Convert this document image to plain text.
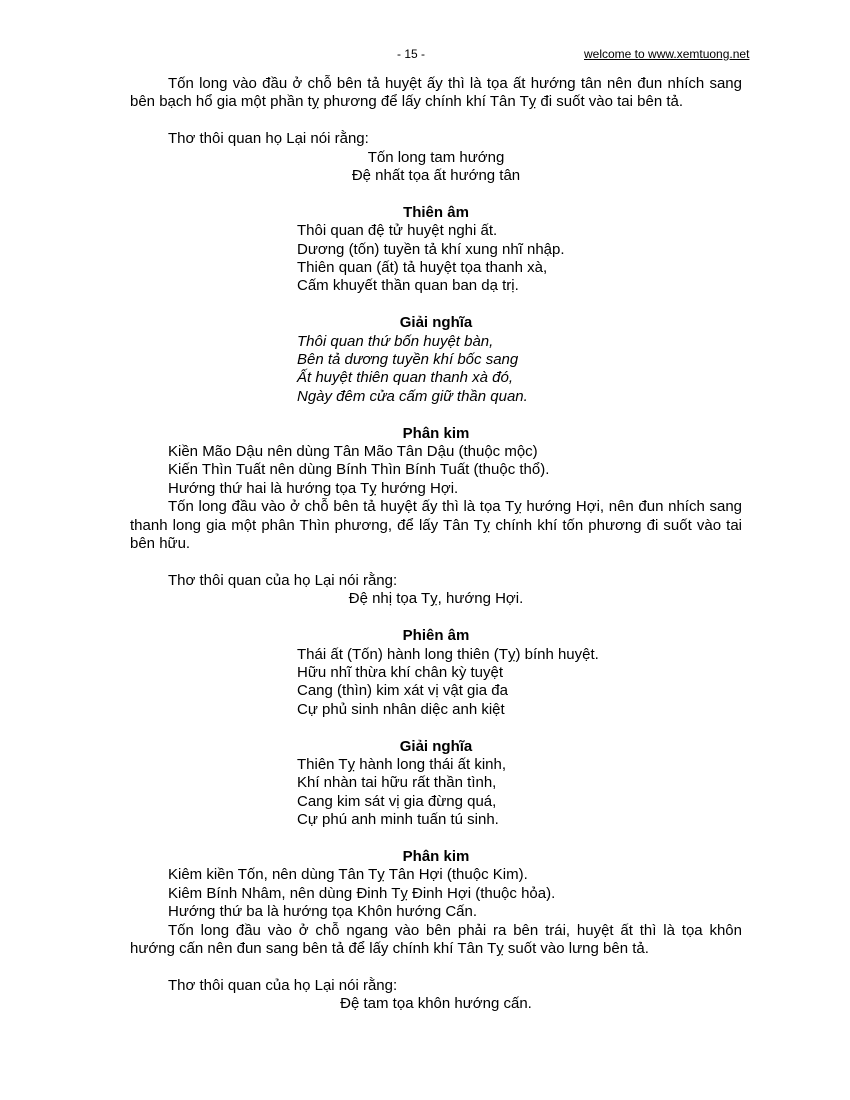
- 15 -	welcome to www.xemtuong.net

Tốn long vào đầu ở chỗ bên tả huyệt ấy thì là tọa ất hướng tân nên đun nhích sang bên bạch hổ gia một phần tỵ phương để lấy chính khí Tân Tỵ đi suốt vào tai bên tả.

Thơ thôi quan họ Lại nói rằng:

Tốn long tam hướng

Đệ nhất tọa ất hướng tân

Thiên âm

Thôi quan đệ tử huyệt nghi ất.

Dương (tốn) tuyền tả khí xung nhĩ nhập.

Thiên quan (ất) tả huyệt tọa thanh xà,

Cấm khuyết thần quan ban dạ trị.

Giải nghĩa

Thôi quan thứ bốn huyệt bàn,

Bên tả dương tuyền khí bốc sang

Ất huyệt thiên quan thanh xà đó,

Ngày đêm cửa cấm giữ thần quan.

Phân kim

Kiền Mão Dậu nên dùng Tân Mão Tân Dậu (thuộc mộc)

Kiến Thìn Tuất nên dùng Bính Thìn Bính Tuất (thuộc thổ).

Hướng thứ hai là hướng tọa Tỵ hướng Hợi.

Tốn long đầu vào ở chỗ bên tả huyệt ấy thì là tọa Tỵ hướng Hợi, nên đun nhích sang thanh long gia một phân Thìn phương, để lấy Tân Tỵ chính khí tốn phương đi suốt vào tai bên hữu.

Thơ thôi quan của họ Lại nói rằng:

Đệ nhị tọa Tỵ, hướng Hợi.

Phiên âm

Thái ất (Tốn) hành long thiên (Tỵ) bính huyệt.

Hữu nhĩ thừa khí chân kỳ tuyệt

Cang (thìn) kim xát vị vật gia đa

Cự phủ sinh nhân diệc anh kiệt

Giải nghĩa

Thiên Tỵ hành long thái ất kinh,

Khí nhàn tai hữu rất thần tình,

Cang kim sát vị gia đừng quá,

Cự phú anh minh tuấn tú sinh.

Phân kim

Kiêm kiền Tốn, nên dùng Tân Tỵ Tân Hợi (thuộc Kim).

Kiêm Bính Nhâm, nên dùng Đinh Tỵ Đinh Hợi (thuộc hỏa).

Hướng thứ ba là hướng tọa Khôn hướng Cấn.

Tốn long đầu vào ở chỗ ngang vào bên phải ra bên trái, huyệt ất thì là tọa khôn hướng cấn nên đun sang bên tả để lấy chính khí Tân Tỵ suốt vào lưng bên tả.

Thơ thôi quan của họ Lại nói rằng:

Đệ tam tọa khôn hướng cấn.
